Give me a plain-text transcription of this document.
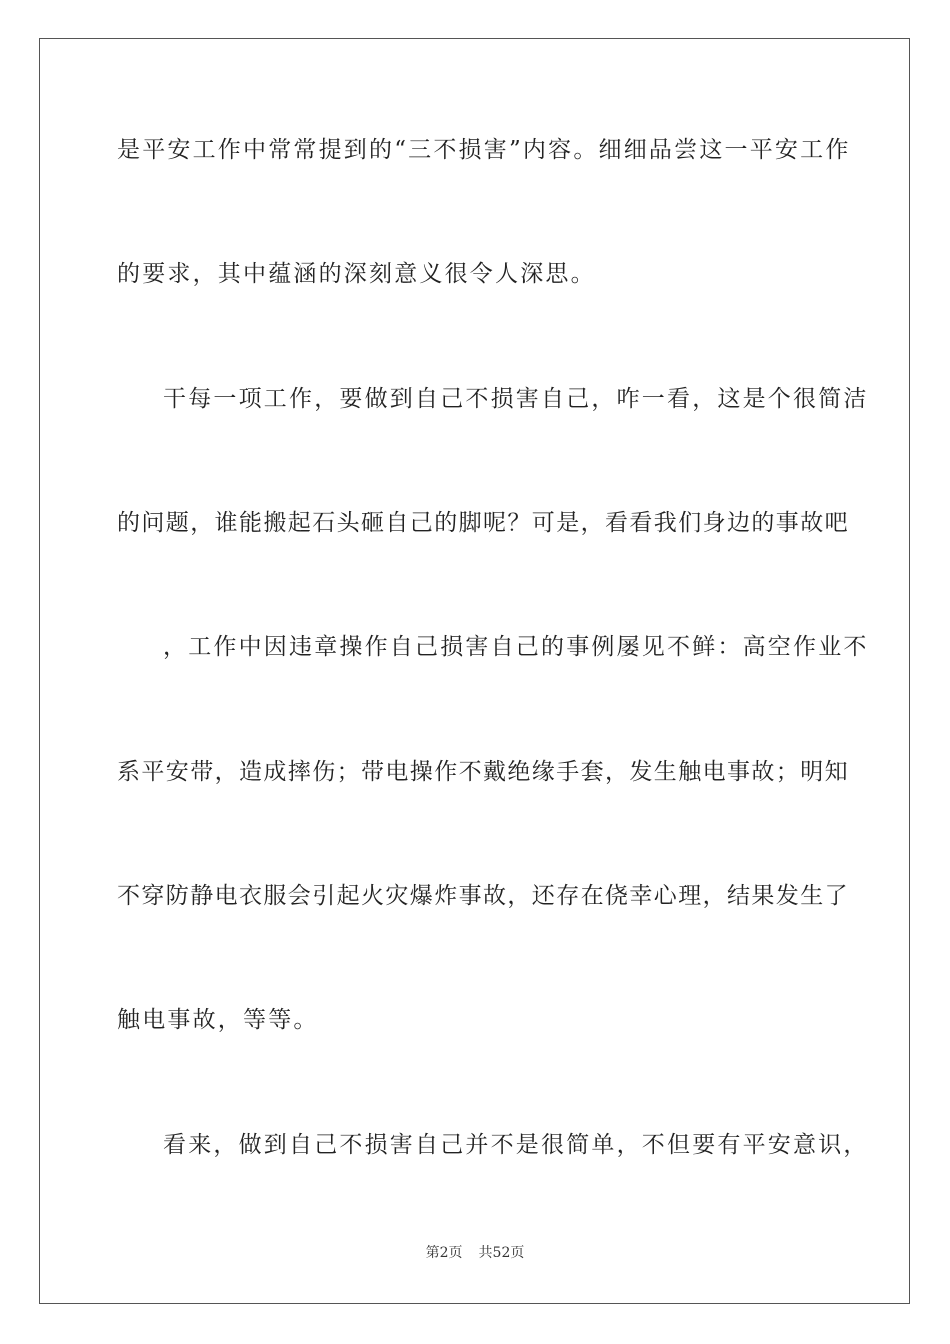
是平安工作中常常提到的“三不损害”内容。细细品尝这一平安工作
的要求，其中蕴涵的深刻意义很令人深思。
干每一项工作，要做到自己不损害自己，咋一看，这是个很简洁
的问题，谁能搬起石头砸自己的脚呢？可是，看看我们身边的事故吧
，工作中因违章操作自己损害自己的事例屡见不鲜：高空作业不
系平安带，造成摔伤；带电操作不戴绝缘手套，发生触电事故；明知
不穿防静电衣服会引起火灾爆炸事故，还存在侥幸心理，结果发生了
触电事故，等等。
看来，做到自己不损害自己并不是很简单，不但要有平安意识，
第2页 共52页
